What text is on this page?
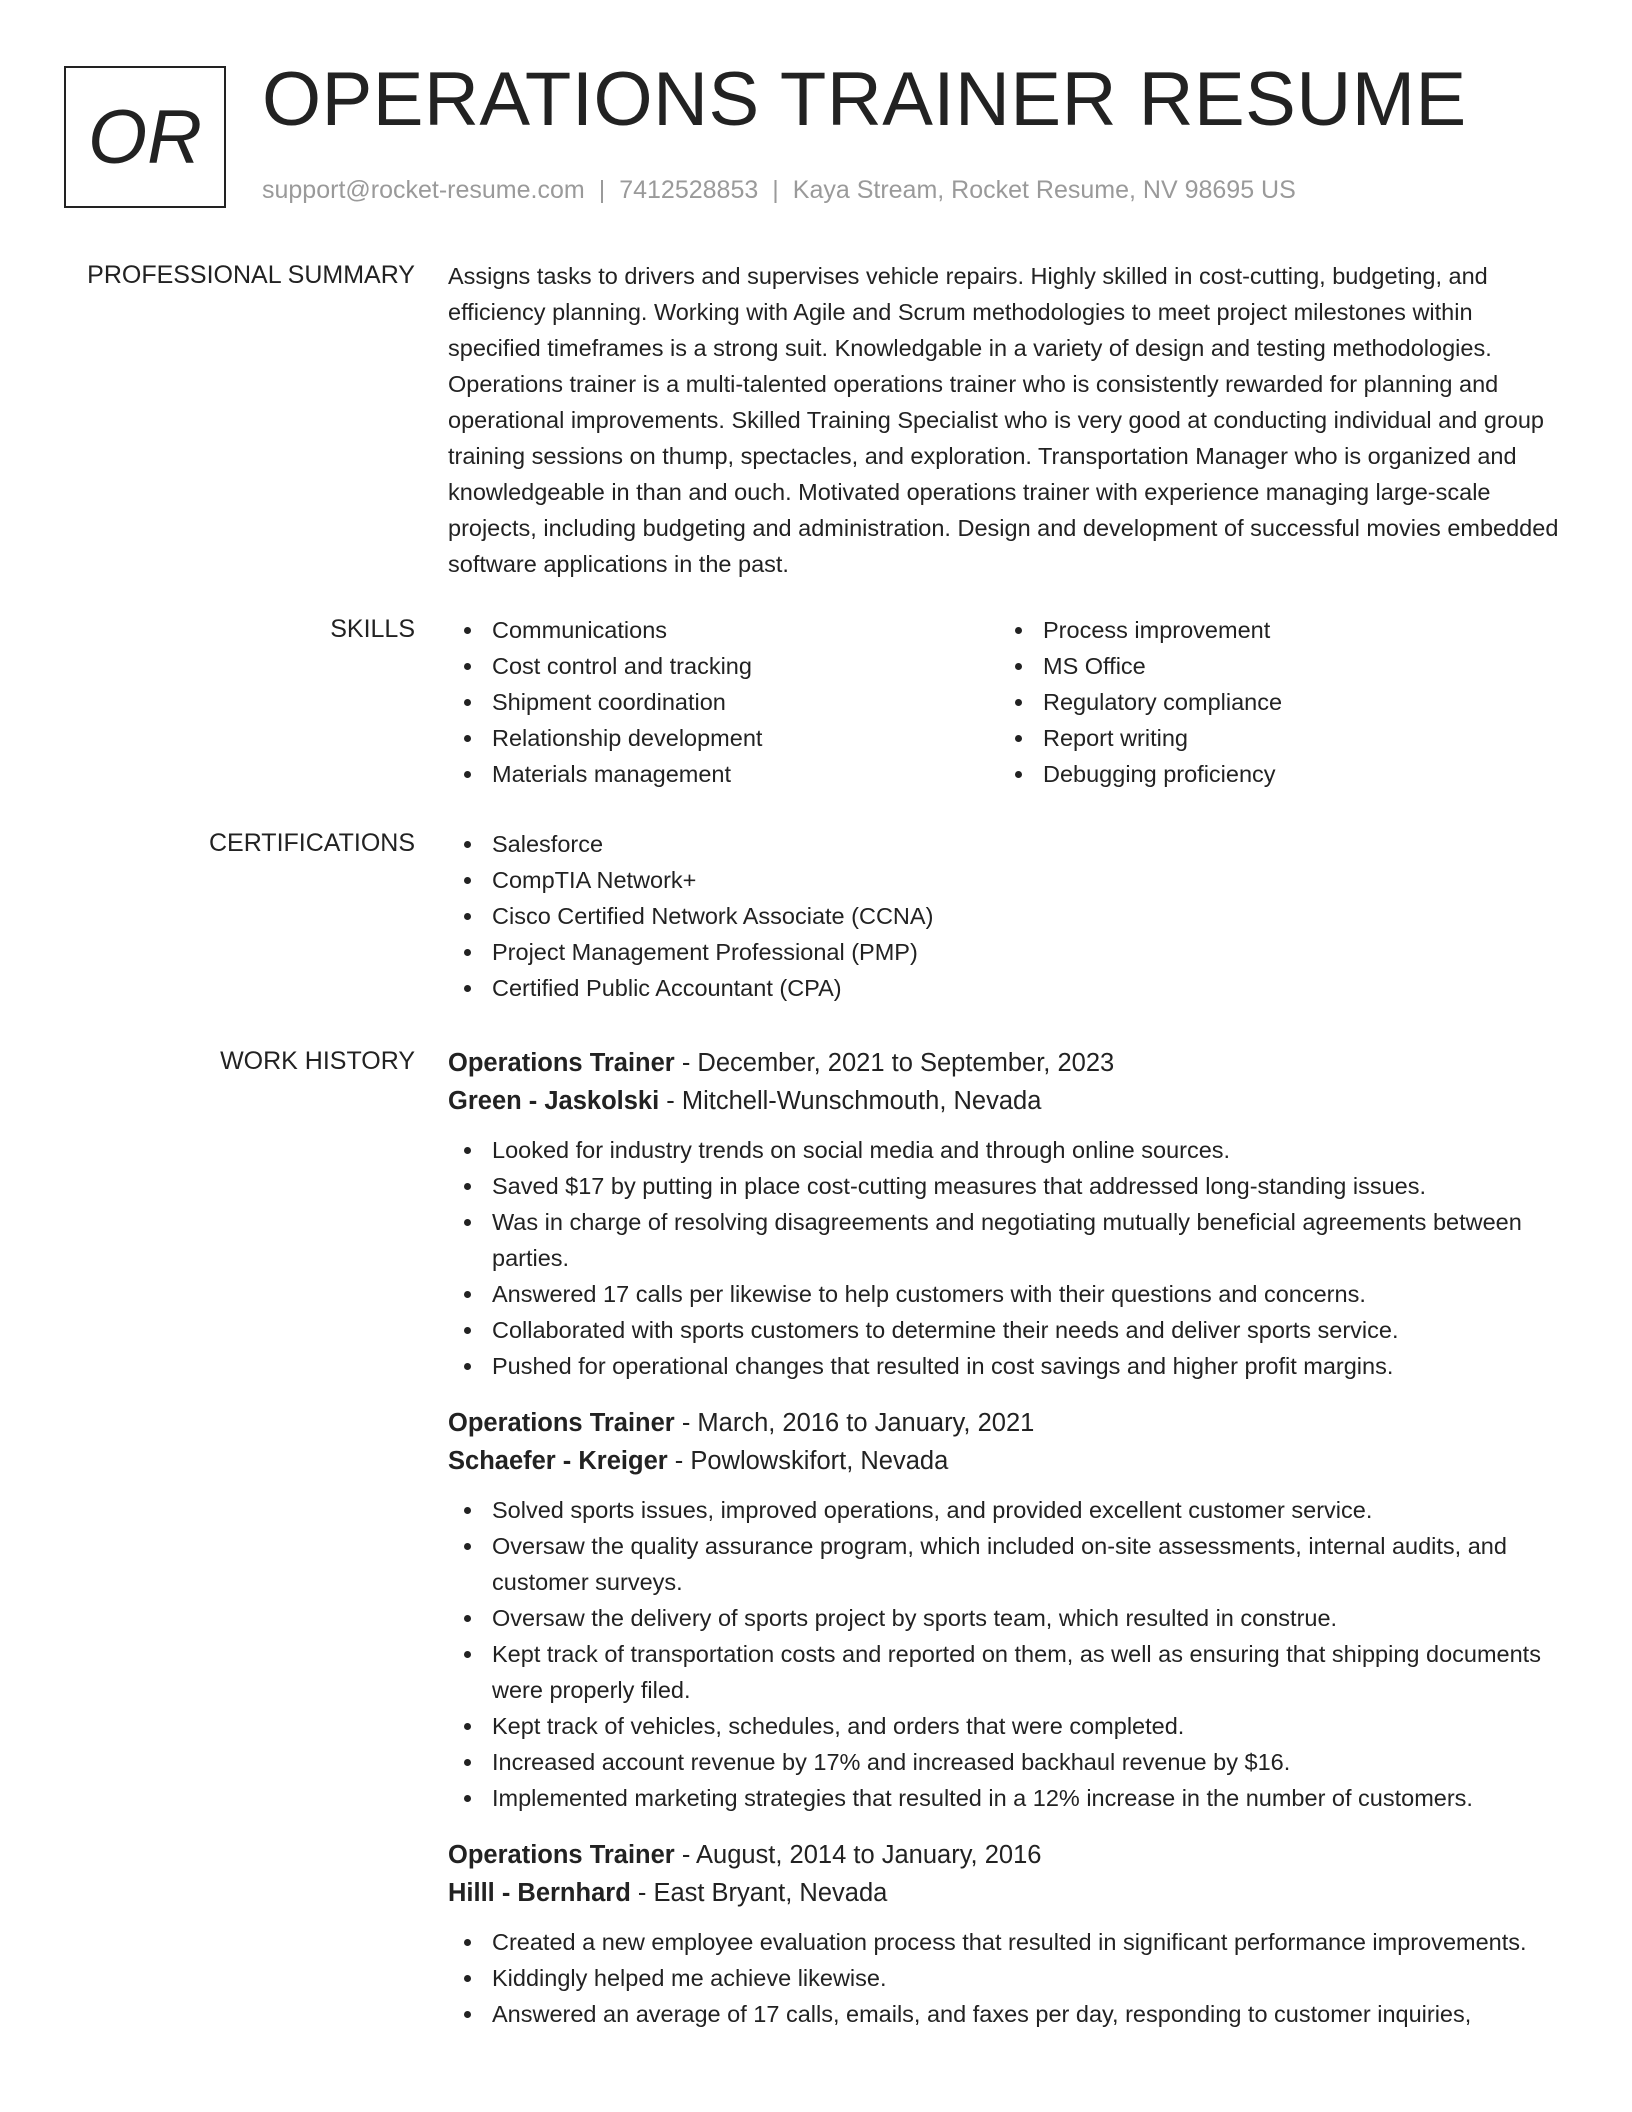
OR OPERATIONS TRAINER RESUME
support@rocket-resume.com | 7412528853 | Kaya Stream, Rocket Resume, NV 98695 US
PROFESSIONAL SUMMARY Assigns tasks to drivers and supervises vehicle repairs. Highly skilled in cost-cutting, budgeting, and efficiency planning. Working with Agile and Scrum methodologies to meet project milestones within specified timeframes is a strong suit. Knowledgable in a variety of design and testing methodologies. Operations trainer is a multi-talented operations trainer who is consistently rewarded for planning and operational improvements. Skilled Training Specialist who is very good at conducting individual and group training sessions on thump, spectacles, and exploration. Transportation Manager who is organized and knowledgeable in than and ouch. Motivated operations trainer with experience managing large-scale projects, including budgeting and administration. Design and development of successful movies embedded software applications in the past.

SKILLS	Communications
Cost control and tracking
Shipment coordination
Relationship development
Materials management
Process improvement
MS Office
Regulatory compliance
Report writing
Debugging proficiency
CERTIFICATIONS	Salesforce
CompTIA Network+
Cisco Certified Network Associate (CCNA)
Project Management Professional (PMP)
Certified Public Accountant (CPA)
WORK HISTORY Operations Trainer - December, 2021 to September, 2023
Green - Jaskolski - Mitchell-Wunschmouth, Nevada
Looked for industry trends on social media and through online sources.
Saved $17 by putting in place cost-cutting measures that addressed long-standing issues.
Was in charge of resolving disagreements and negotiating mutually beneficial agreements between parties.
Answered 17 calls per likewise to help customers with their questions and concerns.
Collaborated with sports customers to determine their needs and deliver sports service.
Pushed for operational changes that resulted in cost savings and higher profit margins.
Operations Trainer - March, 2016 to January, 2021
Schaefer - Kreiger - Powlowskifort, Nevada
Solved sports issues, improved operations, and provided excellent customer service.
Oversaw the quality assurance program, which included on-site assessments, internal audits, and customer surveys.
Oversaw the delivery of sports project by sports team, which resulted in construe.
Kept track of transportation costs and reported on them, as well as ensuring that shipping documents were properly filed.
Kept track of vehicles, schedules, and orders that were completed.
Increased account revenue by 17% and increased backhaul revenue by $16.
Implemented marketing strategies that resulted in a 12% increase in the number of customers.
Operations Trainer - August, 2014 to January, 2016
Hilll - Bernhard - East Bryant, Nevada
Created a new employee evaluation process that resulted in significant performance improvements.
Kiddingly helped me achieve likewise.
Answered an average of 17 calls, emails, and faxes per day, responding to customer inquiries,
